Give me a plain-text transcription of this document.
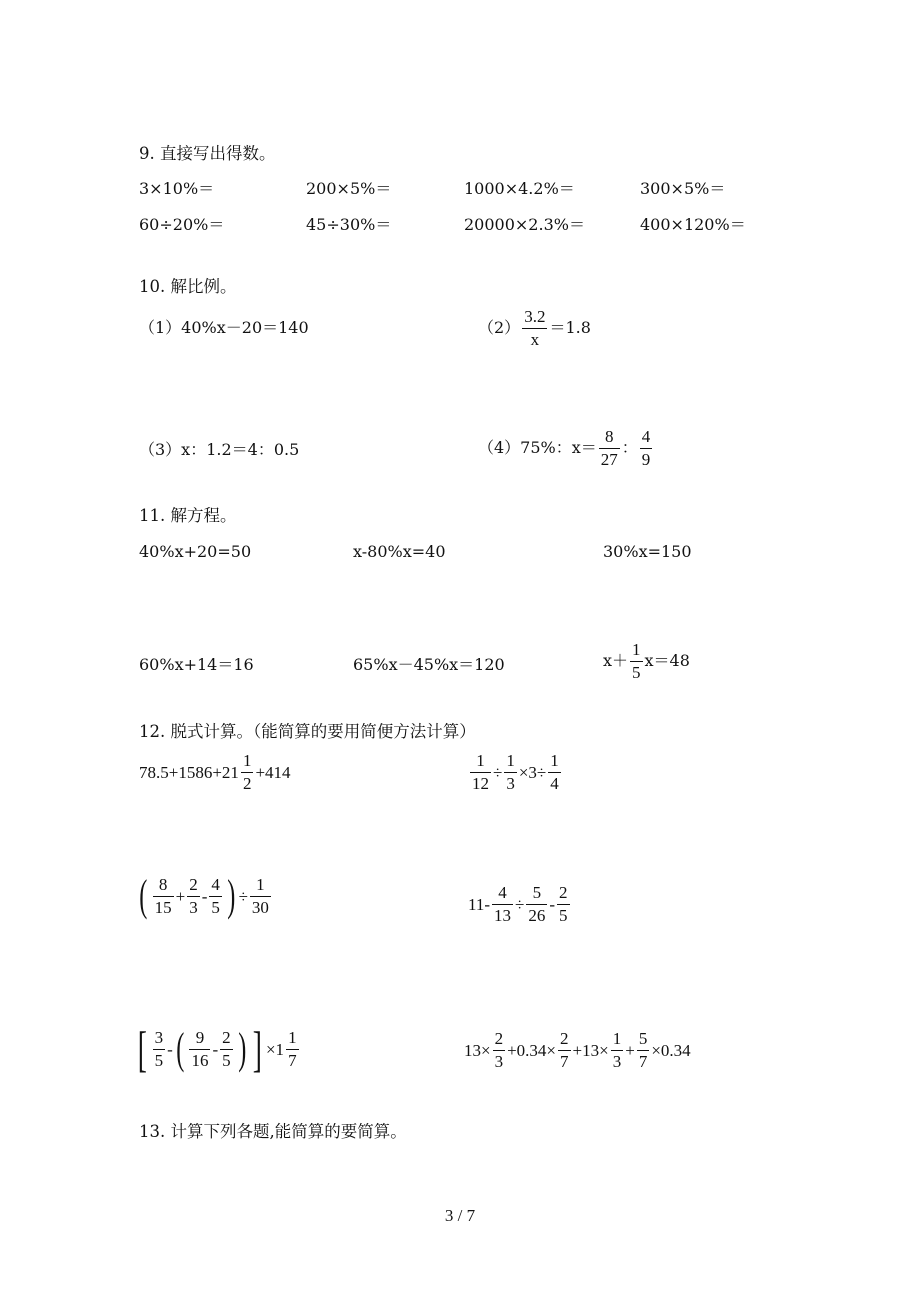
9. 直接写出得数。
3×10%＝	200×5%＝	1000×4.2%＝	300×5%＝
60÷20%＝	45÷30%＝	20000×2.3%＝	400×120%＝
10. 解比例。
（1）40%x－20＝140	$(2) \frac{3.2}{x} =1.8$
（3）x：1.2＝4：0.5	（4）75%：$x= \frac{8}{27}$ ： $\frac{4}{9}$
11. 解方程。
40%x+20=50	x-80%x=40	30%x=150
60%x+14＝16	65%x－45%x＝120	$x+ \frac{1}{5} x=48$
12. 脱式计算。（能简算的要用简便方法计算）
$78.5+1586+21 \frac{1}{2} +414$	$\frac{1}{12} \div \frac{1}{3} \times 3\div \frac{1}{4}$
( $\frac{8}{15} + \frac{2}{3} - \frac{4}{5}$ ) ÷ $\frac{1}{30}$	$11- \frac{4}{13} \div \frac{5}{26} - \frac{2}{5}$
[ $\frac{3}{5}$ - ( $\frac{9}{16} - \frac{2}{5}$ ) ] $\times 1 \frac{1}{7}$	$13\times \frac{2}{3} +0.34\times \frac{2}{7} +13\times \frac{1}{3} + \frac{5}{7} \times 0.34$
13. 计算下列各题,能简算的要简算。
3 / 7
